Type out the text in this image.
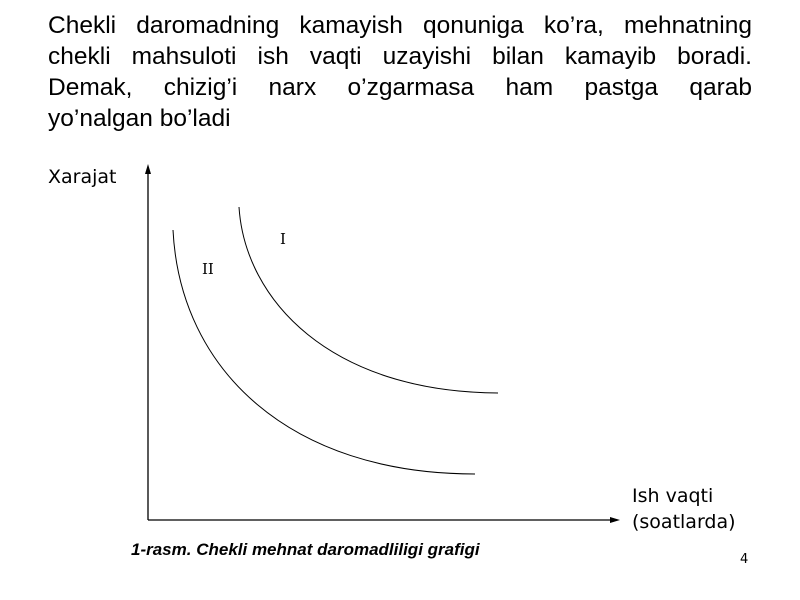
Chekli daromadning kamayish qonuniga ko’ra, mehnatning
chekli mahsuloti ish vaqti uzayishi bilan kamayib boradi.
Demak, chizig’i narx o’zgarmasa ham pastga qarab
yo’nalgan bo’ladi
Xarajat
I
II
Ish vaqti
(soatlarda)
1-rasm. Chekli mehnat daromadliligi grafigi
4
